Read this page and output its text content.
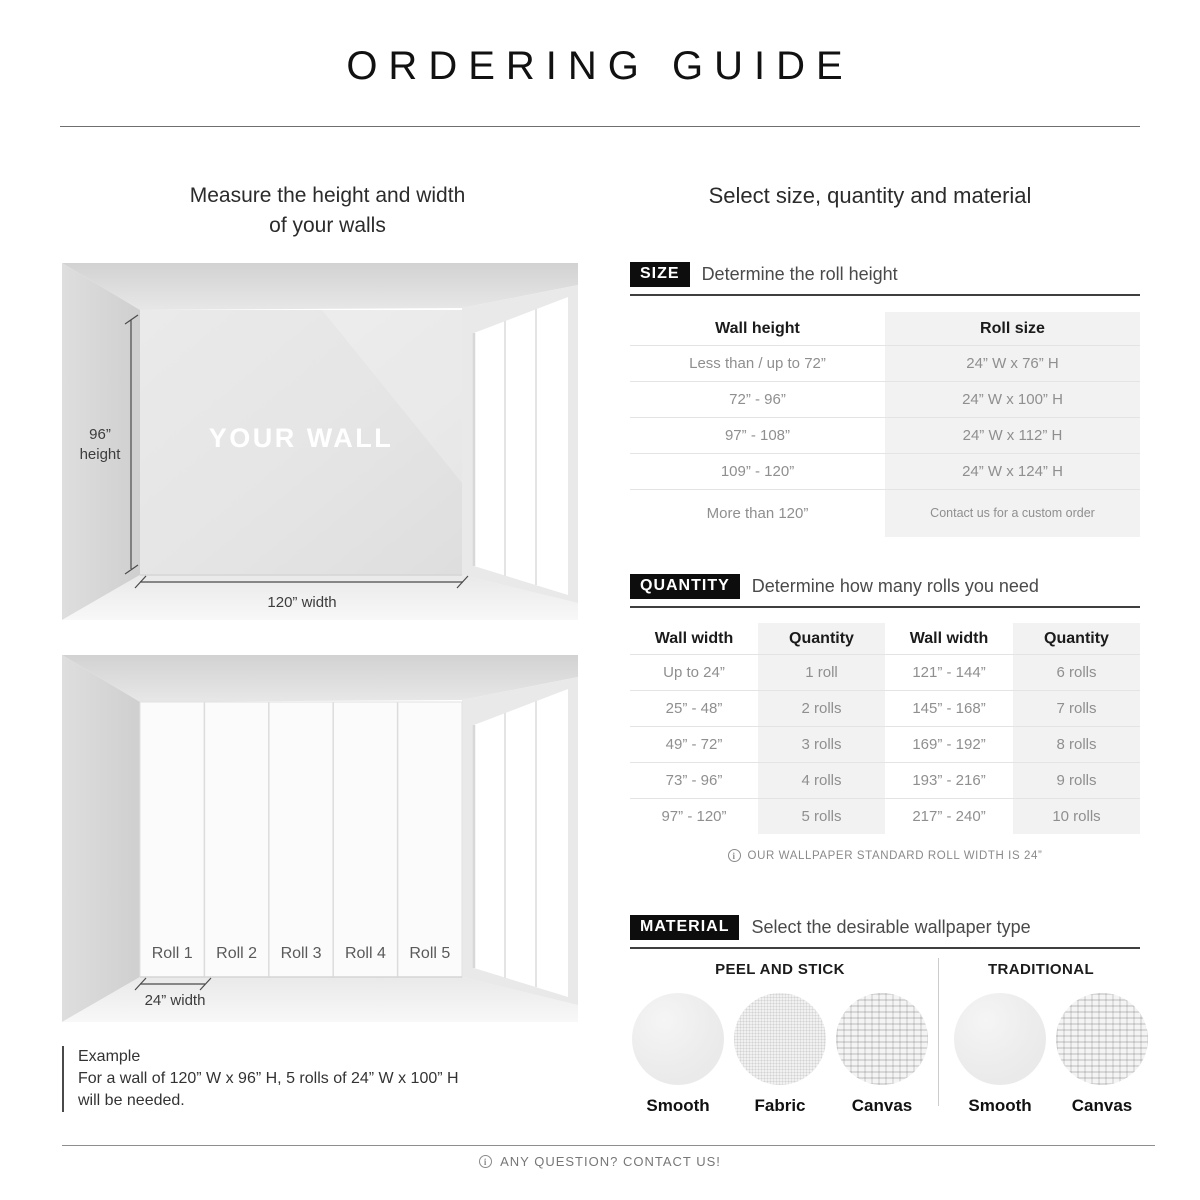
ORDERING GUIDE
Measure the height and width
of your walls
YOUR WALL
96”
height
120” width
Roll 1	Roll 2	Roll 3	Roll 4	Roll 5
24” width
Example
For a wall of 120” W x 96” H, 5 rolls of 24” W x 100” H
will be needed.
Select size, quantity and material
SIZE	Determine the roll height
Wall height	Roll size
Less than / up to 72”	24” W x 76” H
72” - 96”	24” W x 100” H
97” - 108”	24” W x 112” H
109” - 120”	24” W x 124” H
More than 120”	Contact us for a custom order
QUANTITY	Determine how many rolls you need
Wall width	Quantity	Wall width	Quantity
Up to 24”	1 roll	121” - 144”	6 rolls
25” - 48”	2 rolls	145” - 168”	7 rolls
49” - 72”	3 rolls	169” - 192”	8 rolls
73” - 96”	4 rolls	193” - 216”	9 rolls
97” - 120”	5 rolls	217” - 240”	10 rolls
i	OUR WALLPAPER STANDARD ROLL WIDTH IS 24”
MATERIAL	Select the desirable wallpaper type
PEEL AND STICK	TRADITIONAL
Smooth	Fabric	Canvas	Smooth	Canvas
i ANY QUESTION? CONTACT US!
